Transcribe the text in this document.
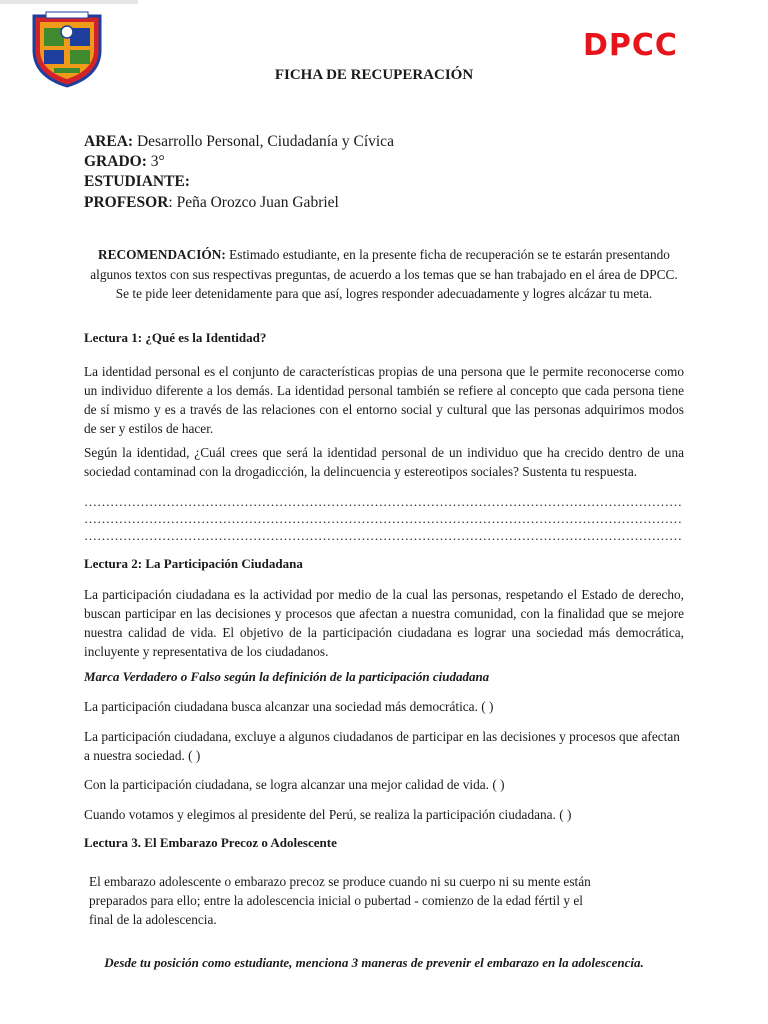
DPCC
FICHA DE RECUPERACIÓN
AREA: Desarrollo Personal, Ciudadanía y Cívica
GRADO: 3°
ESTUDIANTE:
PROFESOR: Peña Orozco Juan Gabriel
RECOMENDACIÓN: Estimado estudiante, en la presente ficha de recuperación se te estarán presentando algunos textos con sus respectivas preguntas, de acuerdo a los temas que se han trabajado en el área de DPCC. Se te pide leer detenidamente para que así, logres responder adecuadamente y logres alcázar tu meta.
Lectura 1: ¿Qué es la Identidad?
La identidad personal es el conjunto de características propias de una persona que le permite reconocerse como un individuo diferente a los demás. La identidad personal también se refiere al concepto que cada persona tiene de sí mismo y es a través de las relaciones con el entorno social y cultural que las personas adquirimos modos de ser y estilos de hacer.
Según la identidad, ¿Cuál crees que será la identidad personal de un individuo que ha crecido dentro de una sociedad contaminad con la drogadicción, la delincuencia y estereotipos sociales? Sustenta tu respuesta.
…………………………………………………………………………………………………………………………
…………………………………………………………………………………………………………………………
…………………………………………………………………………………………………………………………
Lectura 2: La Participación Ciudadana
La participación ciudadana es la actividad por medio de la cual las personas, respetando el Estado de derecho, buscan participar en las decisiones y procesos que afectan a nuestra comunidad, con la finalidad que se mejore nuestra calidad de vida. El objetivo de la participación ciudadana es lograr una sociedad más democrática, incluyente y representativa de los ciudadanos.
Marca Verdadero o Falso según la definición de la participación ciudadana
La participación ciudadana busca alcanzar una sociedad más democrática. ( )
La participación ciudadana, excluye a algunos ciudadanos de participar en las decisiones y procesos que afectan a nuestra sociedad. ( )
Con la participación ciudadana, se logra alcanzar una mejor calidad de vida. ( )
Cuando votamos y elegimos al presidente del Perú, se realiza la participación ciudadana. ( )
Lectura 3. El Embarazo Precoz o Adolescente
El embarazo adolescente o embarazo precoz se produce cuando ni su cuerpo ni su mente están preparados para ello; entre la adolescencia inicial o pubertad - comienzo de la edad fértil y el final de la adolescencia.
Desde tu posición como estudiante, menciona 3 maneras de prevenir el embarazo en la adolescencia.
